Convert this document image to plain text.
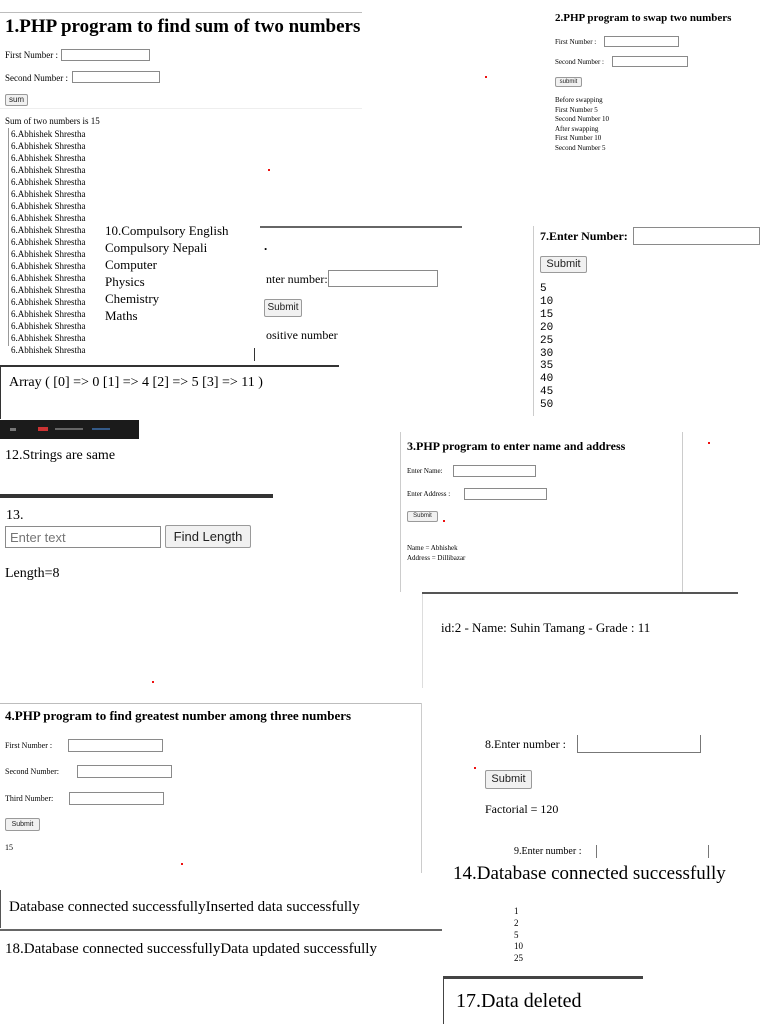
1.PHP program to find sum of two numbers
First Number :
Second Number :
sum
Sum of two numbers is 15
6.Abhishek Shrestha
6.Abhishek Shrestha
6.Abhishek Shrestha
6.Abhishek Shrestha
6.Abhishek Shrestha
6.Abhishek Shrestha
6.Abhishek Shrestha
6.Abhishek Shrestha
6.Abhishek Shrestha
6.Abhishek Shrestha
6.Abhishek Shrestha
6.Abhishek Shrestha
6.Abhishek Shrestha
6.Abhishek Shrestha
6.Abhishek Shrestha
6.Abhishek Shrestha
6.Abhishek Shrestha
6.Abhishek Shrestha
6.Abhishek Shrestha
10.Compulsory English
Compulsory Nepali
Computer
Physics
Chemistry
Maths
.
nter number:
Submit
ositive number
2.PHP program to swap two numbers
First Number :
Second Number :
submit
Before swapping
First Number 5
Second Number 10
After swapping
First Number 10
Second Number 5
7.Enter Number:
Submit
5
10
15
20
25
30
35
40
45
50
Array ( [0] => 0 [1] => 4 [2] => 5 [3] => 11 )
12.Strings are same
13.
Enter text
Find Length
Length=8
3.PHP program to enter name and address
Enter Name:
Enter Address :
Submit
Name = Abhishek
Address = Dillibazar
id:2 - Name: Suhin Tamang - Grade : 11
4.PHP program to find greatest number among three numbers
First Number :
Second Number:
Third Number:
Submit
15
8.Enter number :
Submit
Factorial = 120
9.Enter number :
1
2
5
10
25
14.Database connected successfully
Database connected successfullyInserted data successfully
18.Database connected successfullyData updated successfully
17.Data deleted
